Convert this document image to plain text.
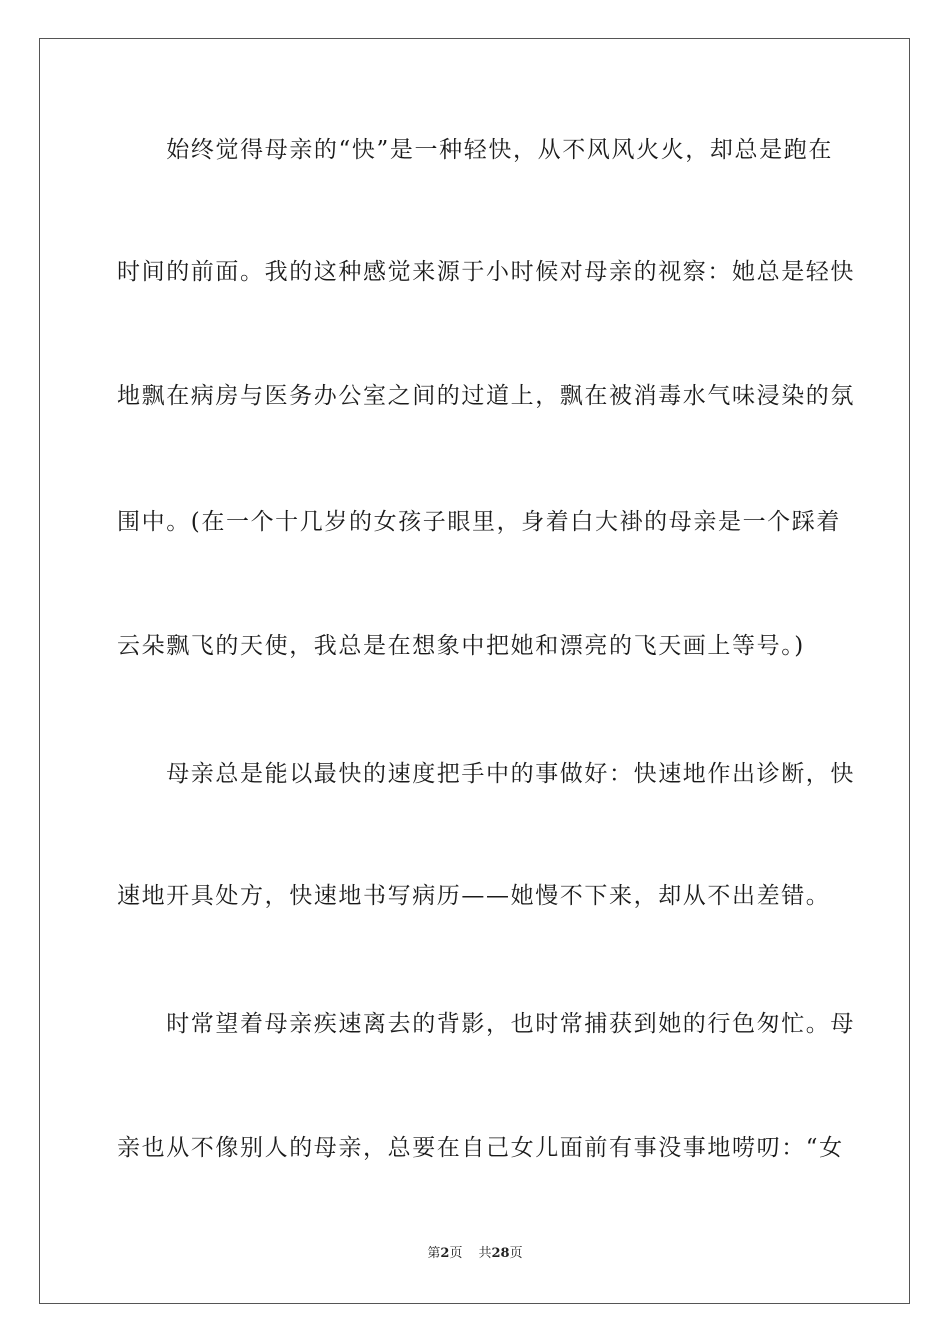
　　始终觉得母亲的“快”是一种轻快，从不风风火火，却总是跑在
时间的前面。我的这种感觉来源于小时候对母亲的视察：她总是轻快
地飘在病房与医务办公室之间的过道上，飘在被消毒水气味浸染的氛
围中。(在一个十几岁的女孩子眼里，身着白大褂的母亲是一个踩着
云朵飘飞的天使，我总是在想象中把她和漂亮的飞天画上等号。)
　　母亲总是能以最快的速度把手中的事做好：快速地作出诊断，快
速地开具处方，快速地书写病历——她慢不下来，却从不出差错。
　　时常望着母亲疾速离去的背影，也时常捕获到她的行色匆忙。母
亲也从不像别人的母亲，总要在自己女儿面前有事没事地唠叨：“女
第2页 共28页
